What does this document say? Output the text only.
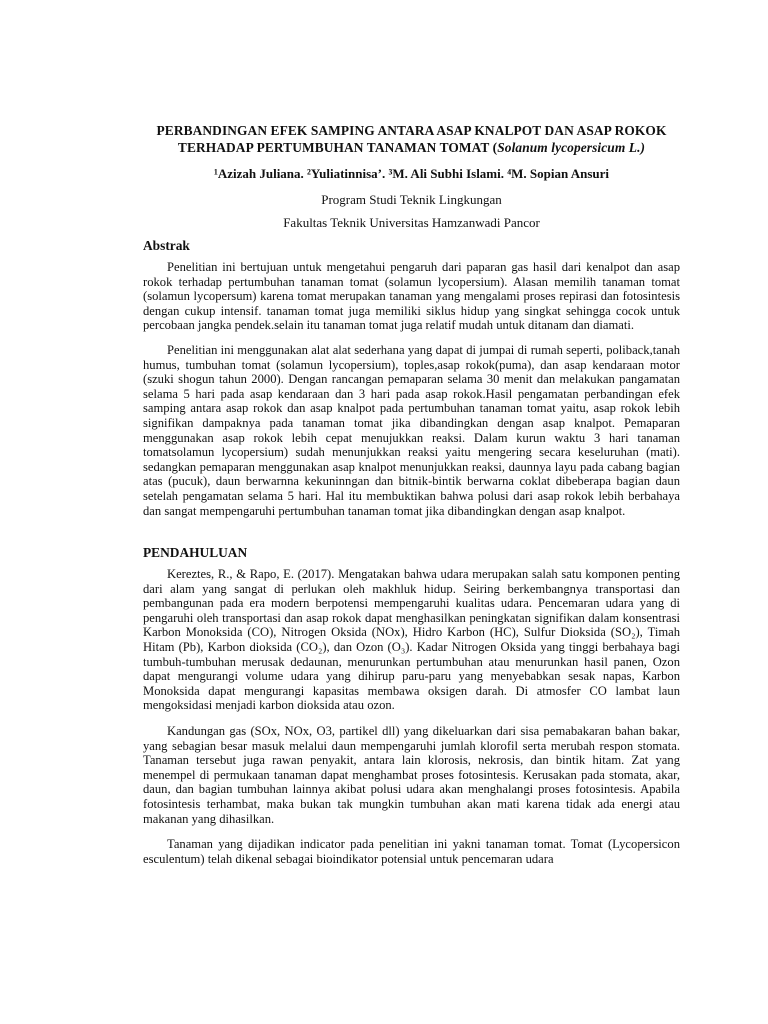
PERBANDINGAN EFEK SAMPING ANTARA ASAP KNALPOT DAN ASAP ROKOK TERHADAP PERTUMBUHAN TANAMAN TOMAT (Solanum lycopersicum L.)
¹Azizah Juliana. ²Yuliatinnisa’. ³M. Ali Subhi Islami. ⁴M. Sopian Ansuri
Program Studi Teknik Lingkungan
Fakultas Teknik Universitas Hamzanwadi Pancor
Abstrak

Penelitian ini bertujuan untuk mengetahui pengaruh dari paparan gas hasil dari kenalpot dan asap rokok terhadap pertumbuhan tanaman tomat (solamun lycopersium). Alasan memilih tanaman tomat (solamun lycopersum) karena tomat merupakan tanaman yang mengalami proses repirasi dan fotosintesis dengan cukup intensif. tanaman tomat juga memiliki siklus hidup yang singkat sehingga cocok untuk percobaan jangka pendek.selain itu tanaman tomat juga relatif mudah untuk ditanam dan diamati.

Penelitian ini menggunakan alat alat sederhana yang dapat di jumpai di rumah seperti, poliback,tanah humus, tumbuhan tomat (solamun lycopersium), toples,asap rokok(puma), dan asap kendaraan motor (szuki shogun tahun 2000). Dengan rancangan pemaparan selama 30 menit dan melakukan pangamatan selama 5 hari pada asap kendaraan dan 3 hari pada asap rokok.Hasil pengamatan perbandingan efek samping antara asap rokok dan asap knalpot pada pertumbuhan tanaman tomat yaitu, asap rokok lebih signifikan dampaknya pada tanaman tomat jika dibandingkan dengan asap knalpot. Pemaparan menggunakan asap rokok lebih cepat menujukkan reaksi. Dalam kurun waktu 3 hari tanaman tomatsolamun lycopersium) sudah menunjukkan reaksi yaitu mengering secara keseluruhan (mati). sedangkan pemaparan menggunakan asap knalpot menunjukkan reaksi, daunnya layu pada cabang bagian atas (pucuk), daun berwarnna kekuninngan dan bitnik-bintik berwarna coklat dibeberapa bagian daun setelah pengamatan selama 5 hari. Hal itu membuktikan bahwa polusi dari asap rokok lebih berbahaya dan sangat mempengaruhi pertumbuhan tanaman tomat jika dibandingkan dengan asap knalpot.

PENDAHULUAN

Kereztes, R., & Rapo, E. (2017). Mengatakan bahwa udara merupakan salah satu komponen penting dari alam yang sangat di perlukan oleh makhluk hidup. Seiring berkembangnya transportasi dan pembangunan pada era modern berpotensi mempengaruhi kualitas udara. Pencemaran udara yang di pengaruhi oleh transportasi dan asap rokok dapat menghasilkan peningkatan signifikan dalam konsentrasi Karbon Monoksida (CO), Nitrogen Oksida (NOx), Hidro Karbon (HC), Sulfur Dioksida (SO₂), Timah Hitam (Pb), Karbon dioksida (CO₂), dan Ozon (O₃). Kadar Nitrogen Oksida yang tinggi berbahaya bagi tumbuh-tumbuhan merusak dedaunan, menurunkan pertumbuhan atau menurunkan hasil panen, Ozon dapat mengurangi volume udara yang dihirup paru-paru yang menyebabkan sesak napas, Karbon Monoksida dapat mengurangi kapasitas membawa oksigen darah. Di atmosfer CO lambat laun mengoksidasi menjadi karbon dioksida atau ozon.

Kandungan gas (SOx, NOx, O3, partikel dll) yang dikeluarkan dari sisa pemabakaran bahan bakar, yang sebagian besar masuk melalui daun mempengaruhi jumlah klorofil serta merubah respon stomata. Tanaman tersebut juga rawan penyakit, antara lain klorosis, nekrosis, dan bintik hitam. Zat yang menempel di permukaan tanaman dapat menghambat proses fotosintesis. Kerusakan pada stomata, akar, daun, dan bagian tumbuhan lainnya akibat polusi udara akan menghalangi proses fotosintesis. Apabila fotosintesis terhambat, maka bukan tak mungkin tumbuhan akan mati karena tidak ada energi atau makanan yang dihasilkan.

Tanaman yang dijadikan indicator pada penelitian ini yakni tanaman tomat. Tomat (Lycopersicon esculentum) telah dikenal sebagai bioindikator potensial untuk pencemaran udara
